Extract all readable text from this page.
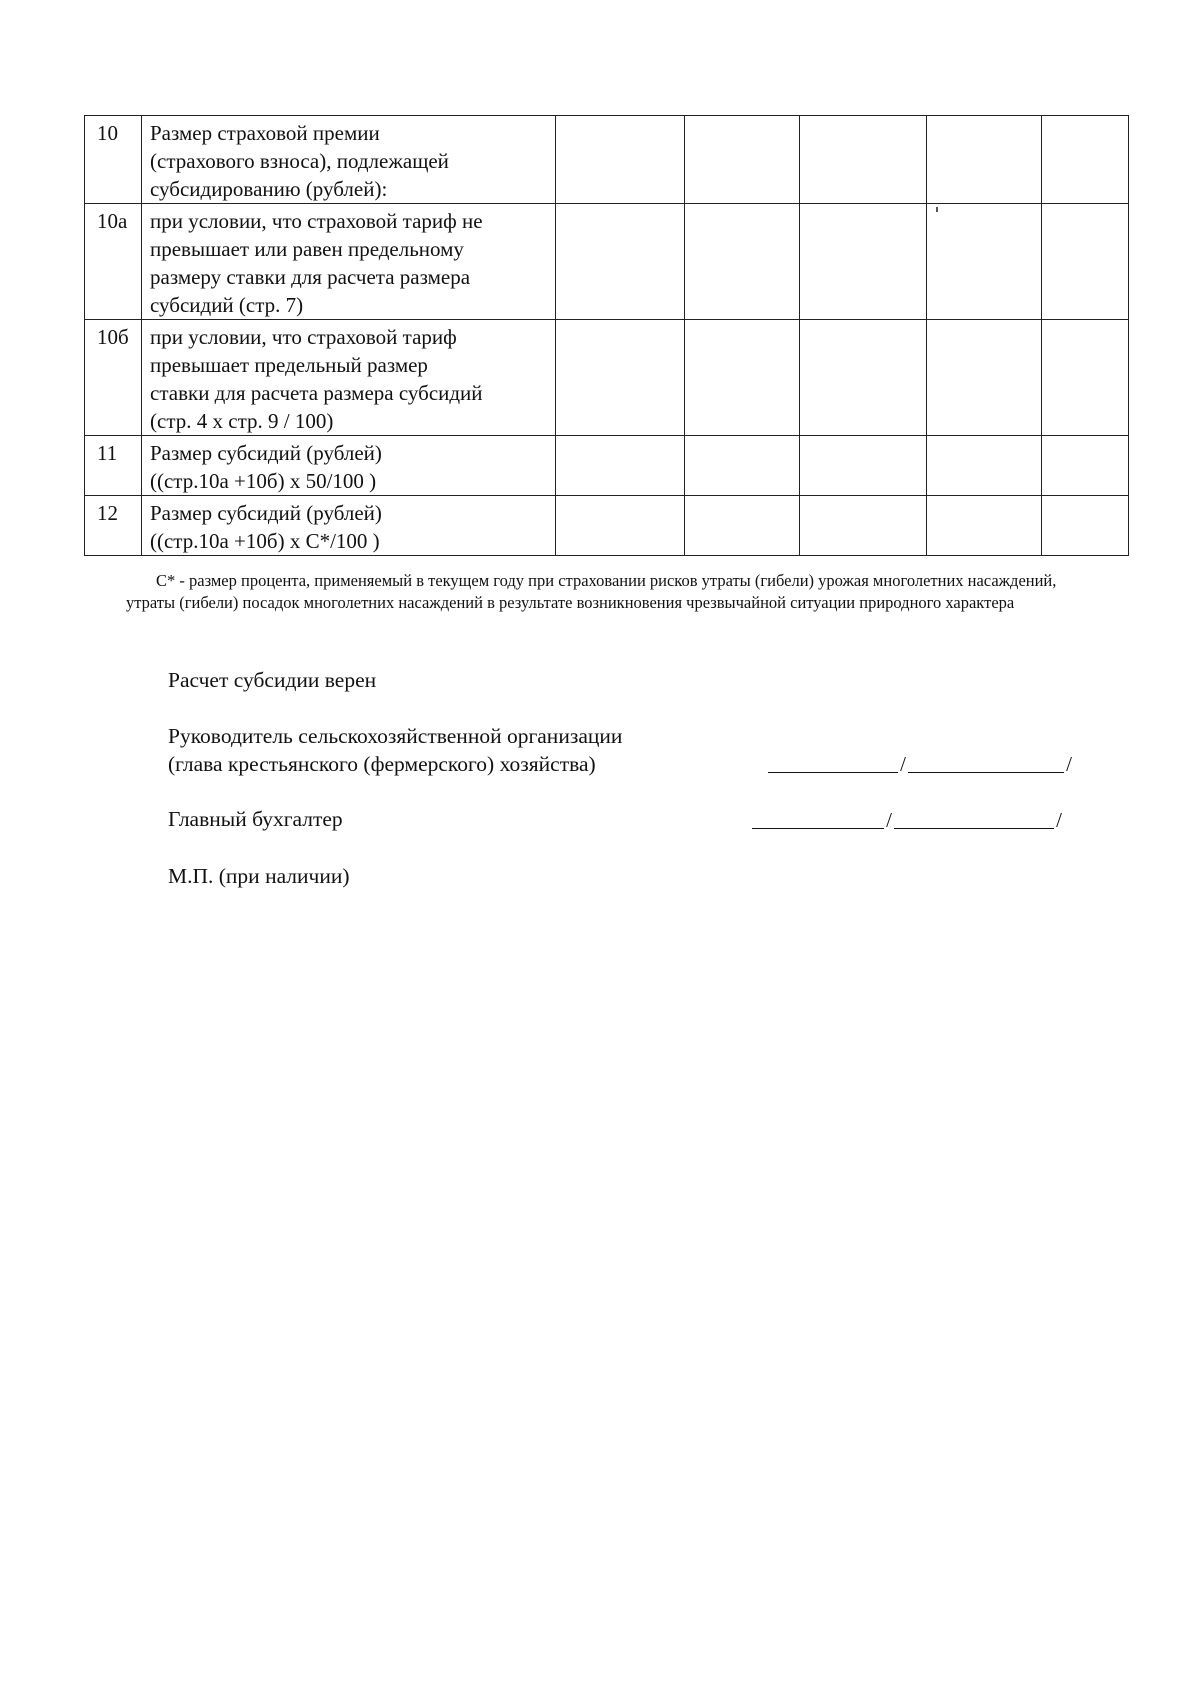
10	Размер страховой премии
(страхового взноса), подлежащей
субсидированию (рублей):					

10а	при условии, что страховой тариф не
превышает или равен предельному
размеру ставки для расчета размера
субсидий (стр. 7)					

10б	при условии, что страховой тариф
превышает предельный размер
ставки для расчета размера субсидий
(стр. 4 х стр. 9 / 100)					

11	Размер субсидий (рублей)
((стр.10а +10б) х 50/100 )					

12	Размер субсидий (рублей)
((стр.10а +10б) х С*/100 )					

С* - размер процента, применяемый в текущем году при страховании рисков утраты (гибели) урожая многолетних насаждений, утраты (гибели) посадок многолетних насаждений в результате возникновения чрезвычайной ситуации природного характера
Расчет субсидии верен
Руководитель сельскохозяйственной организации
(глава крестьянского (фермерского) хозяйства)	/	/
Главный бухгалтер	/	/
М.П. (при наличии)
